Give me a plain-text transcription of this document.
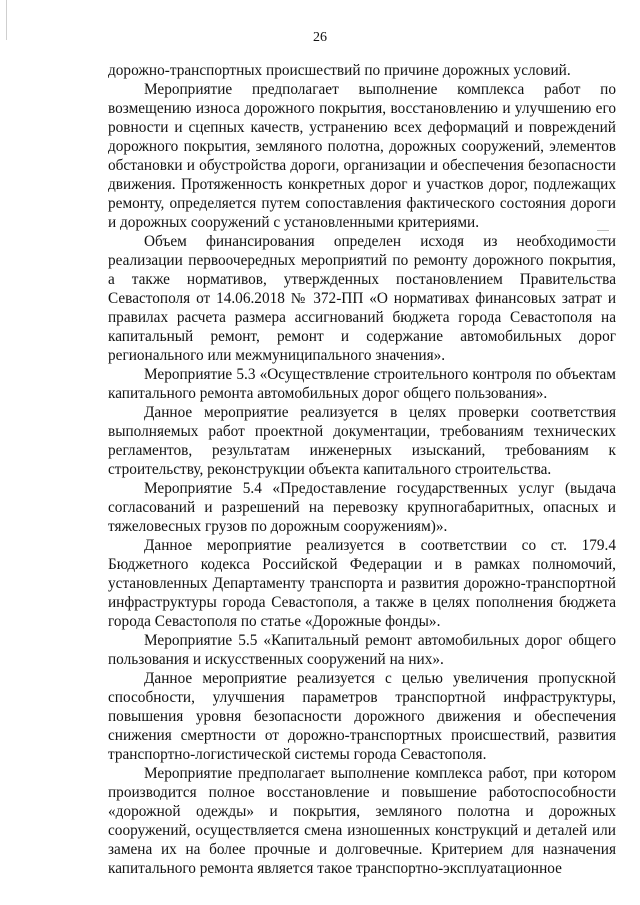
26

дорожно-транспортных происшествий по причине дорожных условий.

Мероприятие предполагает выполнение комплекса работ по возмещению износа дорожного покрытия, восстановлению и улучшению его ровности и сцепных качеств, устранению всех деформаций и повреждений дорожного покрытия, земляного полотна, дорожных сооружений, элементов обстановки и обустройства дороги, организации и обеспечения безопасности движения. Протяженность конкретных дорог и участков дорог, подлежащих ремонту, определяется путем сопоставления фактического состояния дороги и дорожных сооружений с установленными критериями.

Объем финансирования определен исходя из необходимости реализации первоочередных мероприятий по ремонту дорожного покрытия, а также нормативов, утвержденных постановлением Правительства Севастополя от 14.06.2018 № 372-ПП «О нормативах финансовых затрат и правилах расчета размера ассигнований бюджета города Севастополя на капитальный ремонт, ремонт и содержание автомобильных дорог регионального или межмуниципального значения».

Мероприятие 5.3 «Осуществление строительного контроля по объектам капитального ремонта автомобильных дорог общего пользования».

Данное мероприятие реализуется в целях проверки соответствия выполняемых работ проектной документации, требованиям технических регламентов, результатам инженерных изысканий, требованиям к строительству, реконструкции объекта капитального строительства.

Мероприятие 5.4 «Предоставление государственных услуг (выдача согласований и разрешений на перевозку крупногабаритных, опасных и тяжеловесных грузов по дорожным сооружениям)».

Данное мероприятие реализуется в соответствии со ст. 179.4 Бюджетного кодекса Российской Федерации и в рамках полномочий, установленных Департаменту транспорта и развития дорожно-транспортной инфраструктуры города Севастополя, а также в целях пополнения бюджета города Севастополя по статье «Дорожные фонды».

Мероприятие 5.5 «Капитальный ремонт автомобильных дорог общего пользования и искусственных сооружений на них».

Данное мероприятие реализуется с целью увеличения пропускной способности, улучшения параметров транспортной инфраструктуры, повышения уровня безопасности дорожного движения и обеспечения снижения смертности от дорожно-транспортных происшествий, развития транспортно-логистической системы города Севастополя.

Мероприятие предполагает выполнение комплекса работ, при котором производится полное восстановление и повышение работоспособности «дорожной одежды» и покрытия, земляного полотна и дорожных сооружений, осуществляется смена изношенных конструкций и деталей или замена их на более прочные и долговечные. Критерием для назначения капитального ремонта является такое транспортно-эксплуатационное
